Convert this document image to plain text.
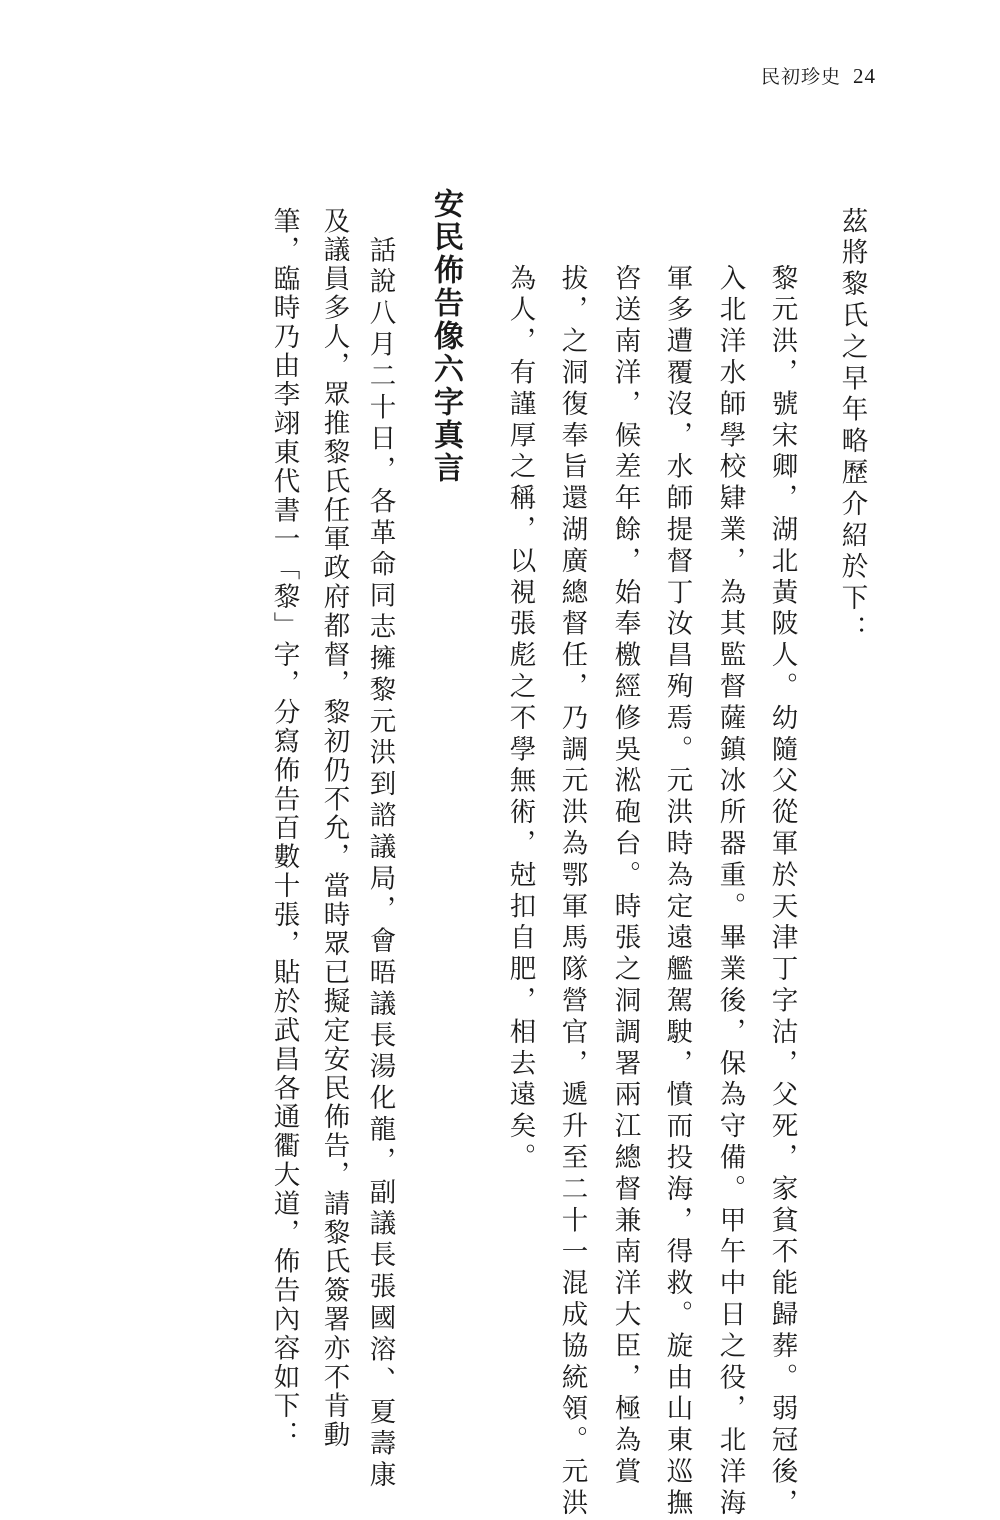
民初珍史 24
茲將黎氏之早年略歷介紹於下：
黎元洪，號宋卿，湖北黃陂人。幼隨父從軍於天津丁字沽，父死，家貧不能歸葬。弱冠後，
入北洋水師學校肄業，為其監督薩鎮冰所器重。畢業後，保為守備。甲午中日之役，北洋海
軍多遭覆沒，水師提督丁汝昌殉焉。元洪時為定遠艦駕駛，憤而投海，得救。旋由山東巡撫
咨送南洋，候差年餘，始奉檄經修吳淞砲台。時張之洞調署兩江總督兼南洋大臣，極為賞
拔，之洞復奉旨還湖廣總督任，乃調元洪為鄂軍馬隊營官，遞升至二十一混成協統領。元洪
為人，有謹厚之稱，以視張彪之不學無術，尅扣自肥，相去遠矣。
安民佈告像六字真言
話說八月二十日，各革命同志擁黎元洪到諮議局，會晤議長湯化龍，副議長張國溶、夏壽康
及議員多人，眾推黎氏任軍政府都督，黎初仍不允，當時眾已擬定安民佈告，請黎氏簽署亦不肯動
筆，臨時乃由李翊東代書一「黎」字，分寫佈告百數十張，貼於武昌各通衢大道，佈告內容如下：
